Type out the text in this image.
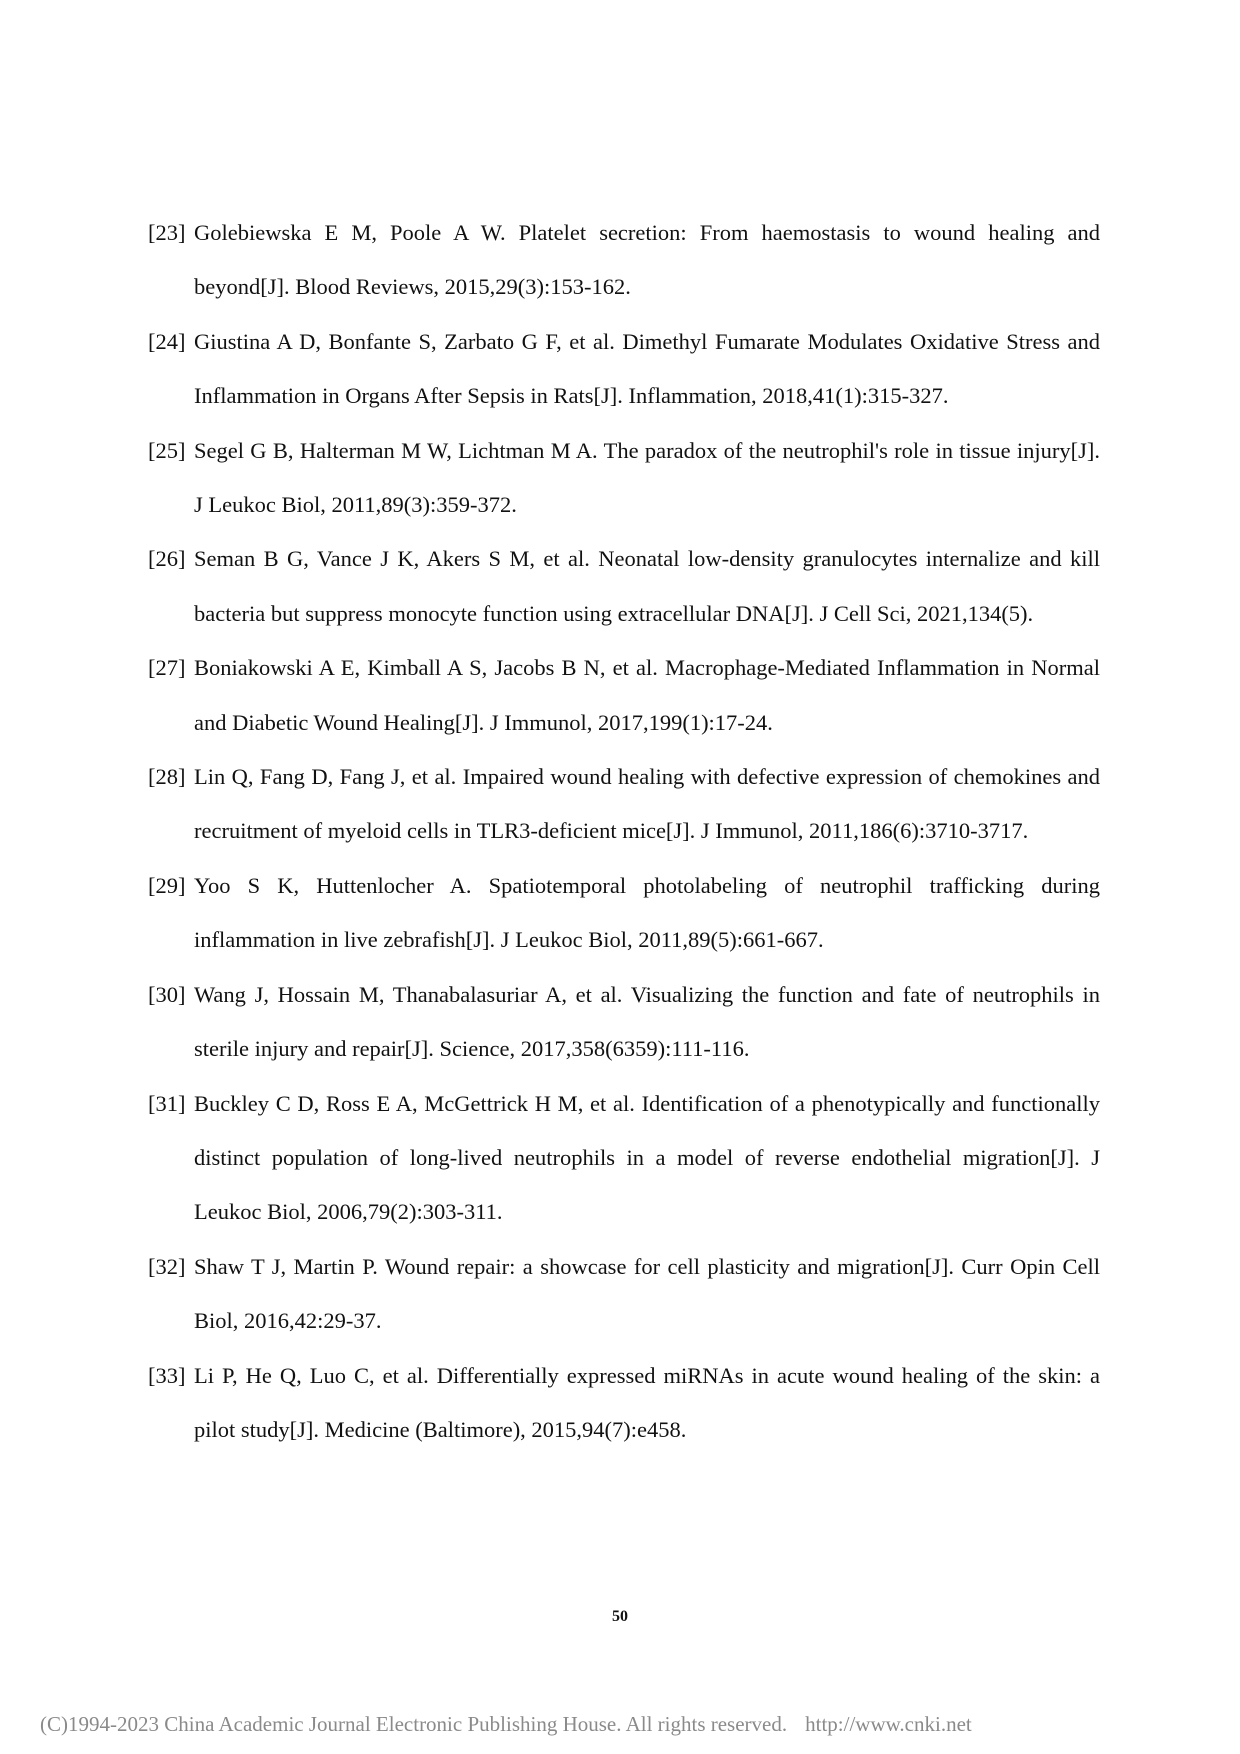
[23] Golebiewska E M, Poole A W. Platelet secretion: From haemostasis to wound healing and beyond[J]. Blood Reviews, 2015,29(3):153-162.
[24] Giustina A D, Bonfante S, Zarbato G F, et al. Dimethyl Fumarate Modulates Oxidative Stress and Inflammation in Organs After Sepsis in Rats[J]. Inflammation, 2018,41(1):315-327.
[25] Segel G B, Halterman M W, Lichtman M A. The paradox of the neutrophil's role in tissue injury[J]. J Leukoc Biol, 2011,89(3):359-372.
[26] Seman B G, Vance J K, Akers S M, et al. Neonatal low-density granulocytes internalize and kill bacteria but suppress monocyte function using extracellular DNA[J]. J Cell Sci, 2021,134(5).
[27] Boniakowski A E, Kimball A S, Jacobs B N, et al. Macrophage-Mediated Inflammation in Normal and Diabetic Wound Healing[J]. J Immunol, 2017,199(1):17-24.
[28] Lin Q, Fang D, Fang J, et al. Impaired wound healing with defective expression of chemokines and recruitment of myeloid cells in TLR3-deficient mice[J]. J Immunol, 2011,186(6):3710-3717.
[29] Yoo S K, Huttenlocher A. Spatiotemporal photolabeling of neutrophil trafficking during inflammation in live zebrafish[J]. J Leukoc Biol, 2011,89(5):661-667.
[30] Wang J, Hossain M, Thanabalasuriar A, et al. Visualizing the function and fate of neutrophils in sterile injury and repair[J]. Science, 2017,358(6359):111-116.
[31] Buckley C D, Ross E A, McGettrick H M, et al. Identification of a phenotypically and functionally distinct population of long-lived neutrophils in a model of reverse endothelial migration[J]. J Leukoc Biol, 2006,79(2):303-311.
[32] Shaw T J, Martin P. Wound repair: a showcase for cell plasticity and migration[J]. Curr Opin Cell Biol, 2016,42:29-37.
[33] Li P, He Q, Luo C, et al. Differentially expressed miRNAs in acute wound healing of the skin: a pilot study[J]. Medicine (Baltimore), 2015,94(7):e458.
50
(C)1994-2023 China Academic Journal Electronic Publishing House. All rights reserved. http://www.cnki.net
